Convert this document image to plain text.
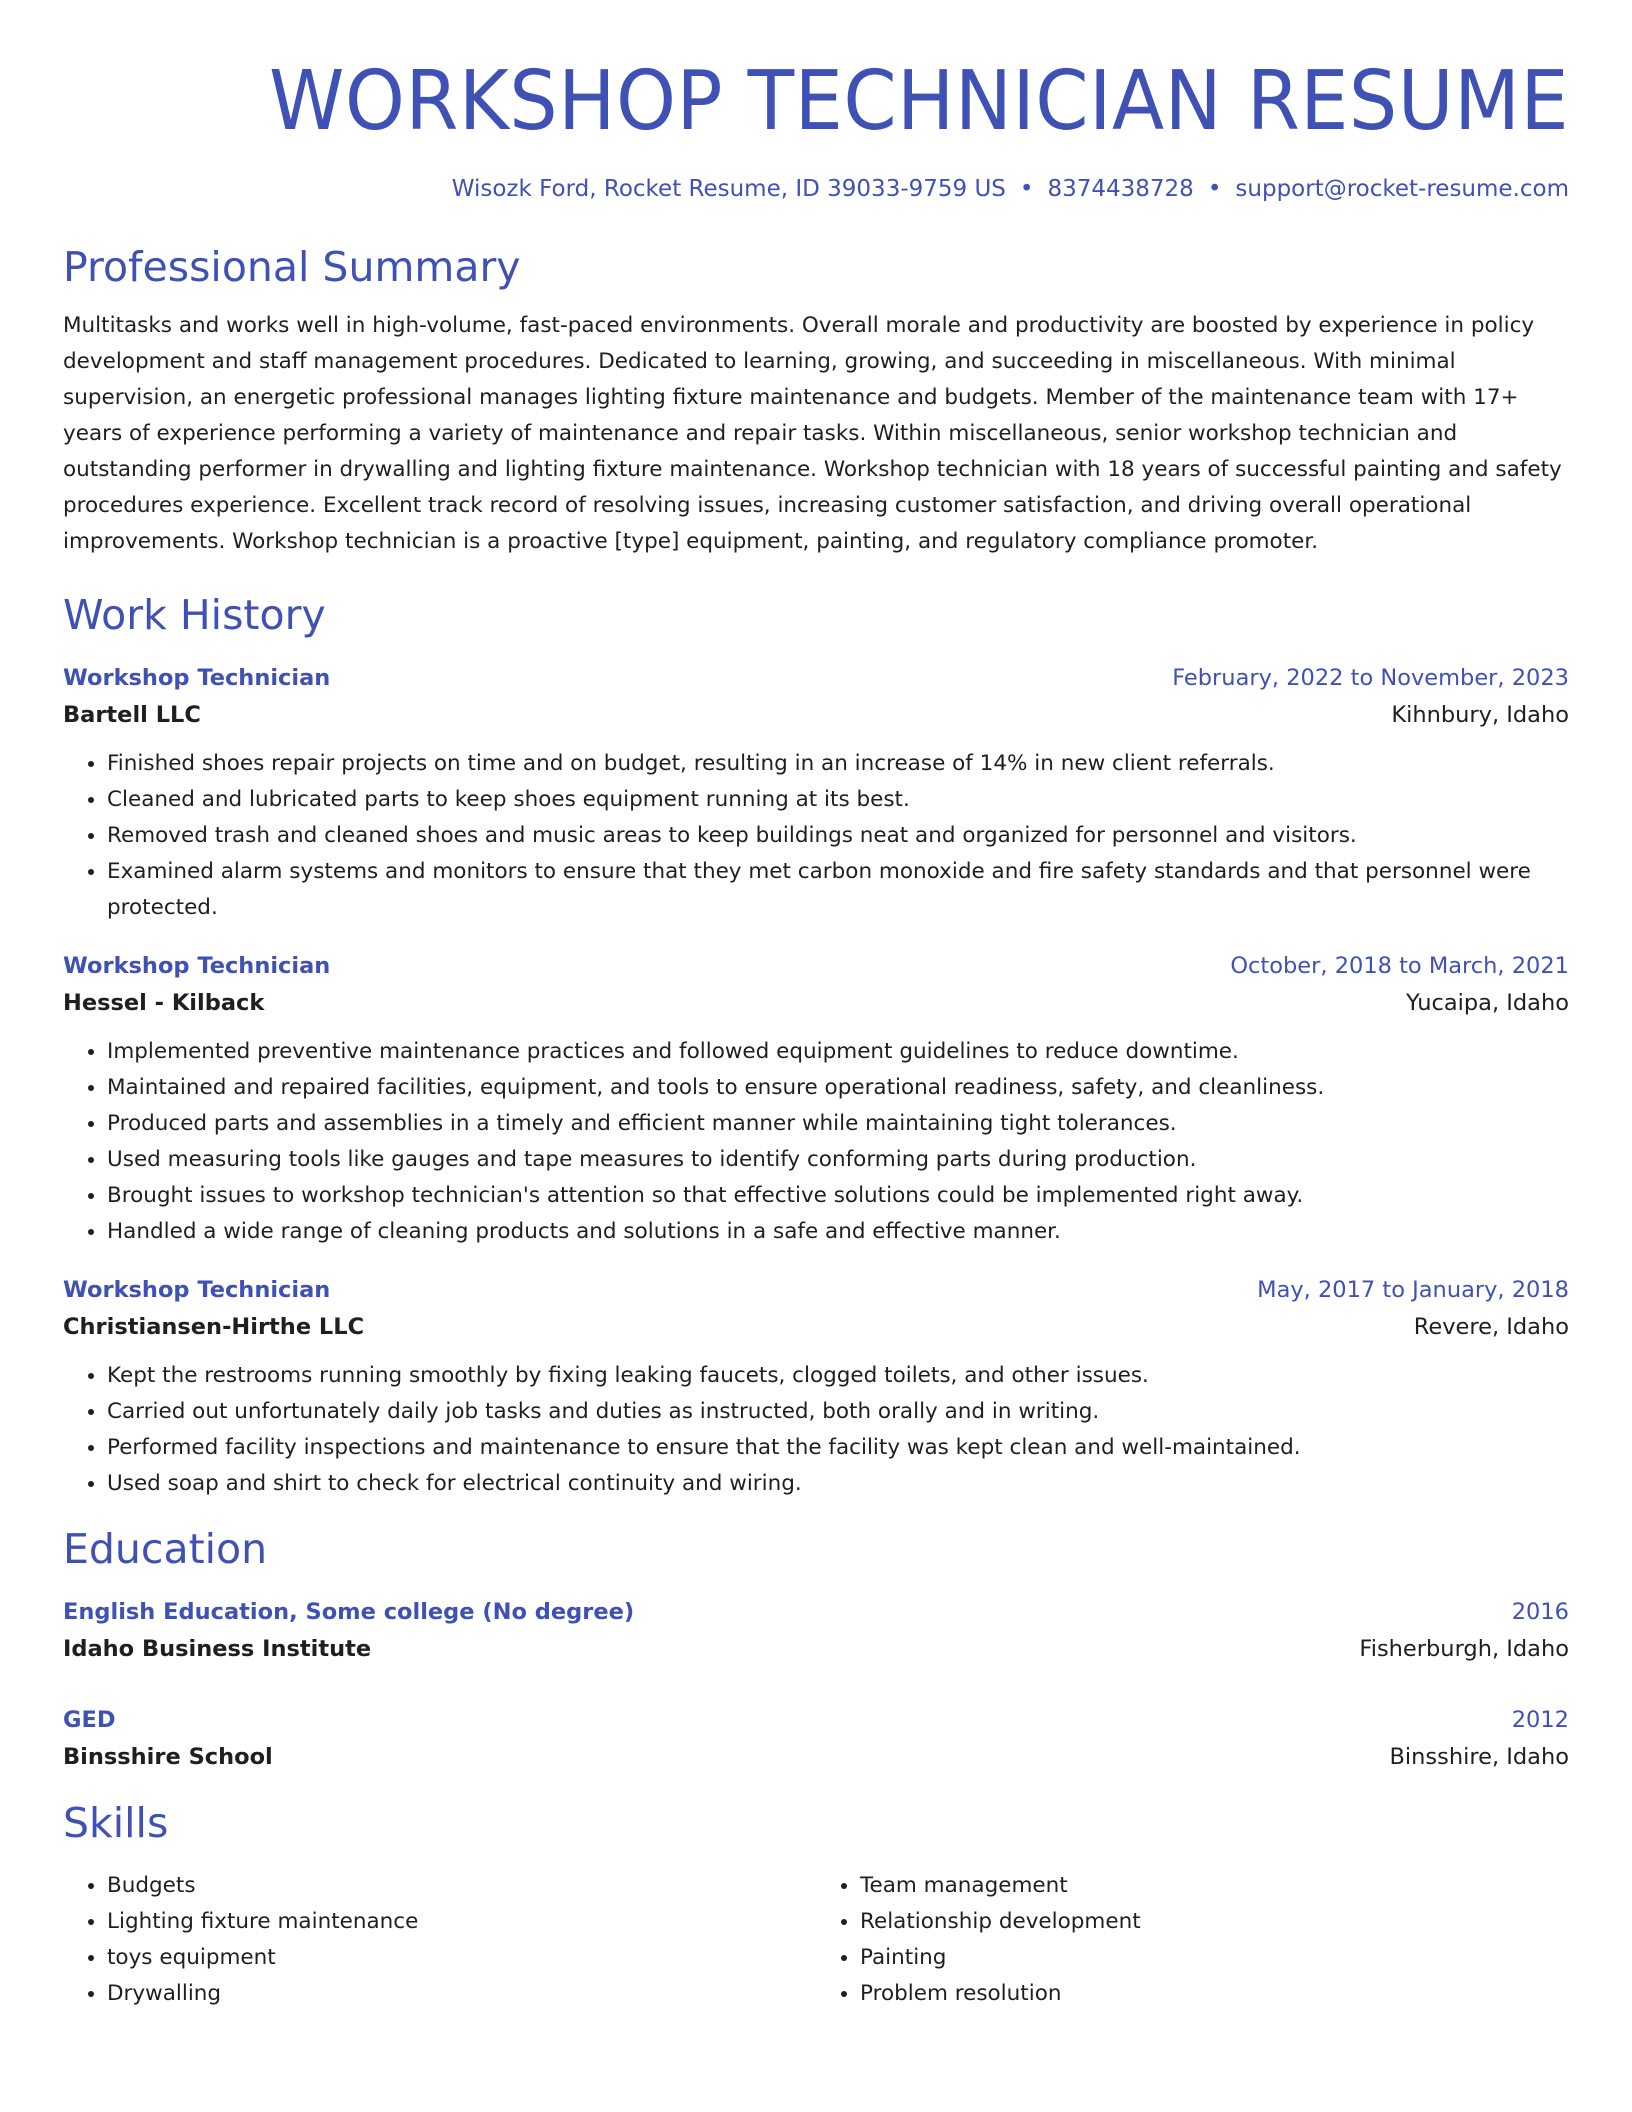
WORKSHOP TECHNICIAN RESUME
Wisozk Ford, Rocket Resume, ID 39033-9759 US • 8374438728 • support@rocket-resume.com
Professional Summary
Multitasks and works well in high-volume, fast-paced environments. Overall morale and productivity are boosted by experience in policy development and staff management procedures. Dedicated to learning, growing, and succeeding in miscellaneous. With minimal supervision, an energetic professional manages lighting fixture maintenance and budgets. Member of the maintenance team with 17+ years of experience performing a variety of maintenance and repair tasks. Within miscellaneous, senior workshop technician and outstanding performer in drywalling and lighting fixture maintenance. Workshop technician with 18 years of successful painting and safety procedures experience. Excellent track record of resolving issues, increasing customer satisfaction, and driving overall operational improvements. Workshop technician is a proactive [type] equipment, painting, and regulatory compliance promoter.
Work History
Workshop Technician	February, 2022 to November, 2023
Bartell LLC	Kihnbury, Idaho
• Finished shoes repair projects on time and on budget, resulting in an increase of 14% in new client referrals.
• Cleaned and lubricated parts to keep shoes equipment running at its best.
• Removed trash and cleaned shoes and music areas to keep buildings neat and organized for personnel and visitors.
• Examined alarm systems and monitors to ensure that they met carbon monoxide and fire safety standards and that personnel were protected.
Workshop Technician	October, 2018 to March, 2021
Hessel - Kilback	Yucaipa, Idaho
• Implemented preventive maintenance practices and followed equipment guidelines to reduce downtime.
• Maintained and repaired facilities, equipment, and tools to ensure operational readiness, safety, and cleanliness.
• Produced parts and assemblies in a timely and efficient manner while maintaining tight tolerances.
• Used measuring tools like gauges and tape measures to identify conforming parts during production.
• Brought issues to workshop technician's attention so that effective solutions could be implemented right away.
• Handled a wide range of cleaning products and solutions in a safe and effective manner.
Workshop Technician	May, 2017 to January, 2018
Christiansen-Hirthe LLC	Revere, Idaho
• Kept the restrooms running smoothly by fixing leaking faucets, clogged toilets, and other issues.
• Carried out unfortunately daily job tasks and duties as instructed, both orally and in writing.
• Performed facility inspections and maintenance to ensure that the facility was kept clean and well-maintained.
• Used soap and shirt to check for electrical continuity and wiring.
Education
English Education, Some college (No degree)	2016
Idaho Business Institute	Fisherburgh, Idaho
GED	2012
Binsshire School	Binsshire, Idaho
Skills
• Budgets
• Lighting fixture maintenance
• toys equipment
• Drywalling
• Team management
• Relationship development
• Painting
• Problem resolution
